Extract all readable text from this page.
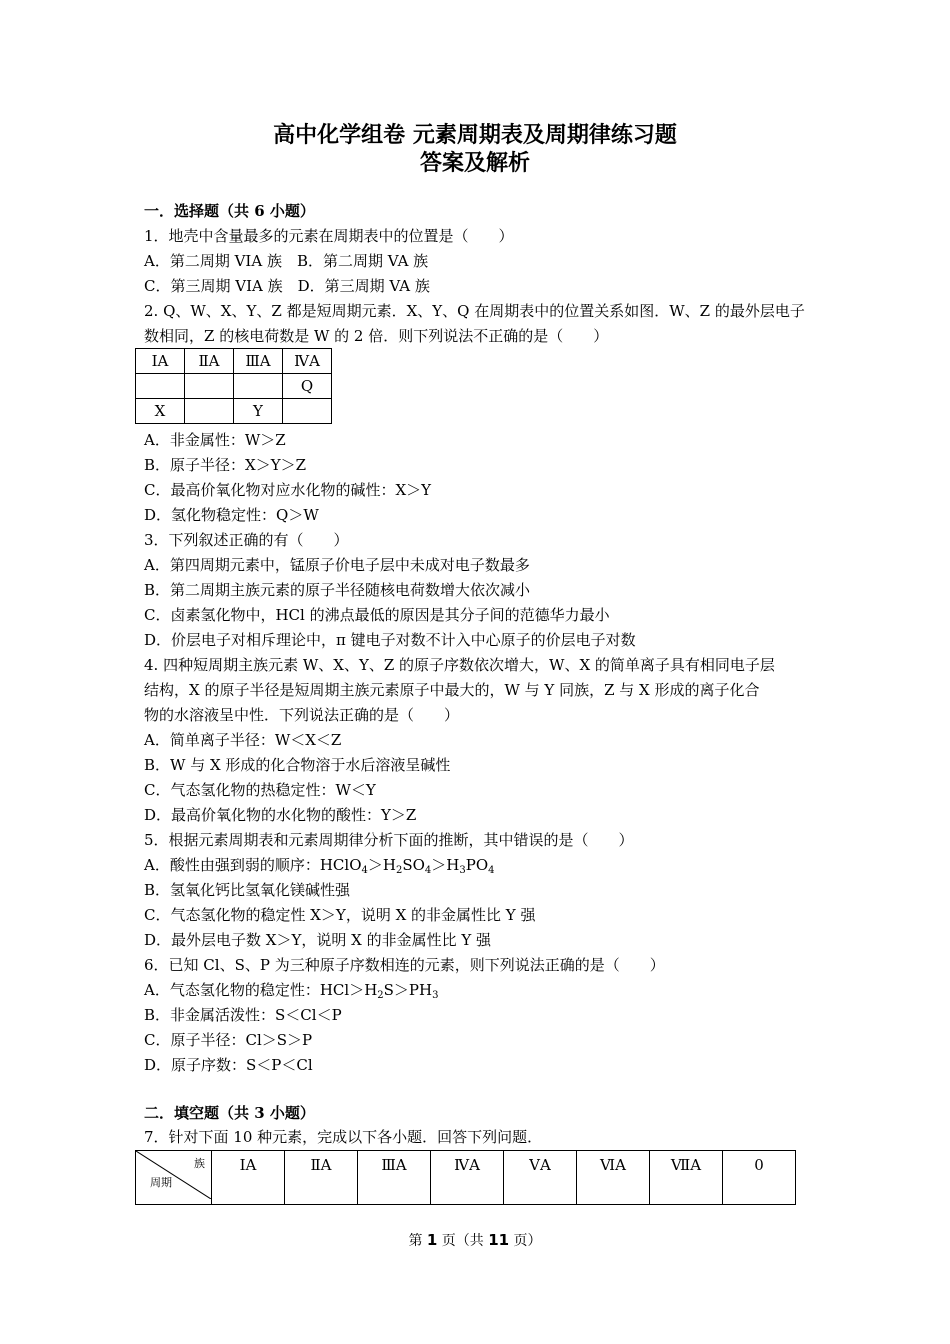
高中化学组卷 元素周期表及周期律练习题
答案及解析
一．选择题（共 6 小题）
1．地壳中含量最多的元素在周期表中的位置是（　　）
A．第二周期 VIA 族　B．第二周期 VA 族
C．第三周期 VIA 族　D．第三周期 VA 族
2. Q、W、X、Y、Z 都是短周期元素．X、Y、Q 在周期表中的位置关系如图．W、Z 的最外层电子
数相同，Z 的核电荷数是 W 的 2 倍．则下列说法不正确的是（　　）
ⅠA	ⅡA	ⅢA	ⅣA
			Q
X		Y	
A．非金属性：W＞Z
B．原子半径：X＞Y＞Z
C．最高价氧化物对应水化物的碱性：X＞Y
D．氢化物稳定性：Q＞W
3．下列叙述正确的有（　　）
A．第四周期元素中，锰原子价电子层中未成对电子数最多
B．第二周期主族元素的原子半径随核电荷数增大依次减小
C．卤素氢化物中，HCl 的沸点最低的原因是其分子间的范德华力最小
D．价层电子对相斥理论中，π 键电子对数不计入中心原子的价层电子对数
4. 四种短周期主族元素 W、X、Y、Z 的原子序数依次增大，W、X 的简单离子具有相同电子层
结构，X 的原子半径是短周期主族元素原子中最大的，W 与 Y 同族，Z 与 X 形成的离子化合
物的水溶液呈中性．下列说法正确的是（　　）
A．简单离子半径：W＜X＜Z
B．W 与 X 形成的化合物溶于水后溶液呈碱性
C．气态氢化物的热稳定性：W＜Y
D．最高价氧化物的水化物的酸性：Y＞Z
5．根据元素周期表和元素周期律分析下面的推断，其中错误的是（　　）
A．酸性由强到弱的顺序：$HClO_4>H_2SO_4>H_3PO_4$
B．氢氧化钙比氢氧化镁碱性强
C．气态氢化物的稳定性 X＞Y，说明 X 的非金属性比 Y 强
D．最外层电子数 X＞Y，说明 X 的非金属性比 Y 强
6．已知 Cl、S、P 为三种原子序数相连的元素，则下列说法正确的是（　　）
A．气态氢化物的稳定性：$HCl>H_2S>PH_3$
B．非金属活泼性：S＜Cl＜P
C．原子半径：Cl＞S＞P
D．原子序数：S＜P＜Cl
二．填空题（共 3 小题）
7．针对下面 10 种元素，完成以下各小题．回答下列问题．
族
周期
	ⅠA	ⅡA	ⅢA	ⅣA	ⅤA	ⅥA	ⅦA	0
第 1 页（共 11 页）
